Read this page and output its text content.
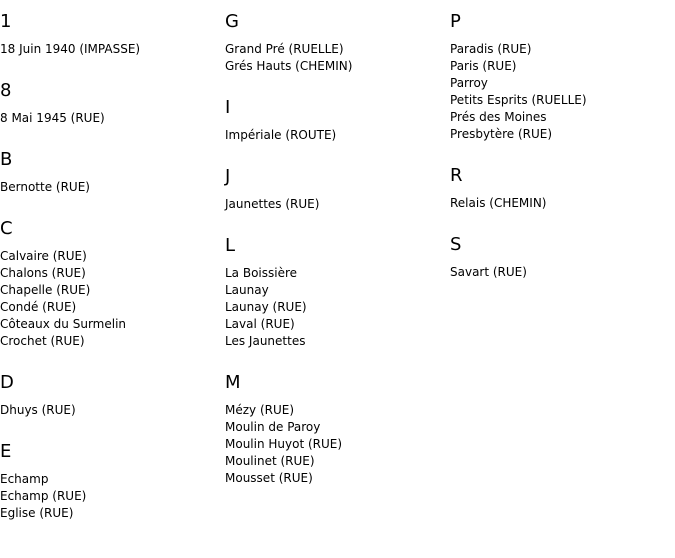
1
18 Juin 1940 (IMPASSE)
8
8 Mai 1945 (RUE)
B
Bernotte (RUE)
C
Calvaire (RUE)
Chalons (RUE)
Chapelle (RUE)
Condé (RUE)
Côteaux du Surmelin
Crochet (RUE)
D
Dhuys (RUE)
E
Echamp
Echamp (RUE)
Eglise (RUE)
G
Grand Pré (RUELLE)
Grés Hauts (CHEMIN)
I
Impériale (ROUTE)
J
Jaunettes (RUE)
L
La Boissière
Launay
Launay (RUE)
Laval (RUE)
Les Jaunettes
M
Mézy (RUE)
Moulin de Paroy
Moulin Huyot (RUE)
Moulinet (RUE)
Mousset (RUE)
P
Paradis (RUE)
Paris (RUE)
Parroy
Petits Esprits (RUELLE)
Prés des Moines
Presbytère (RUE)
R
Relais (CHEMIN)
S
Savart (RUE)
